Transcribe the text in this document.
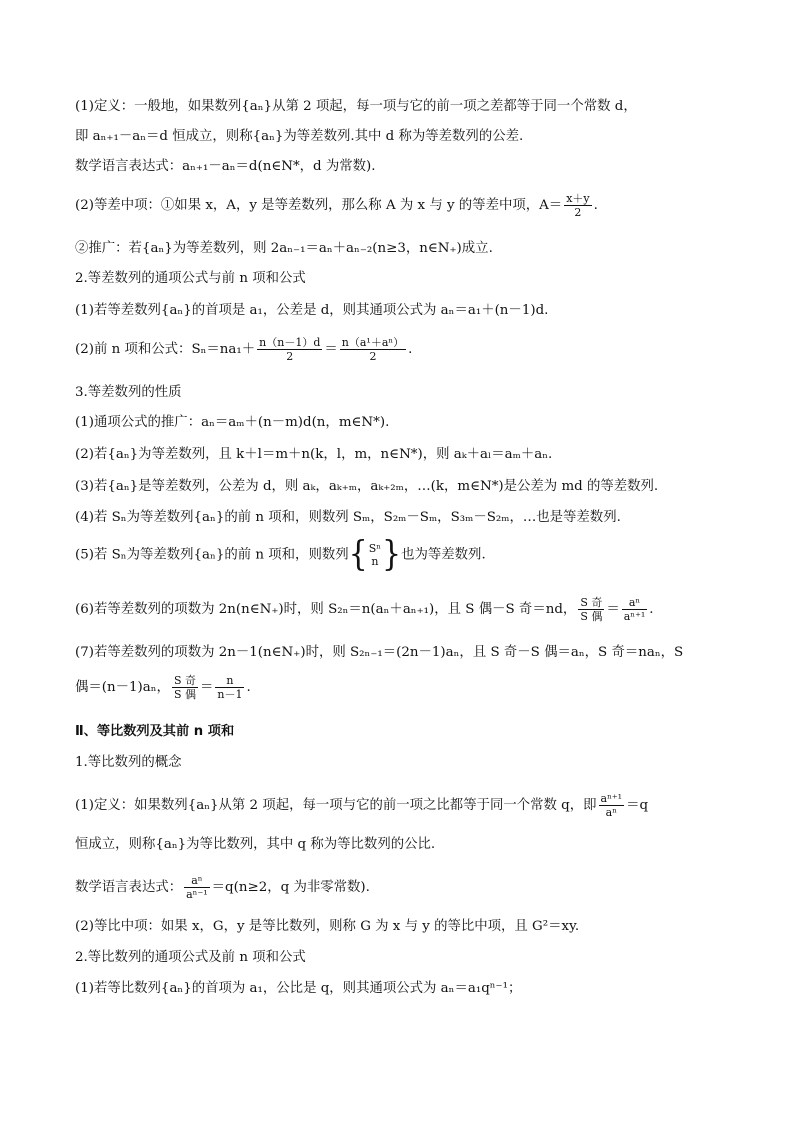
(1)定义：一般地，如果数列{aₙ}从第 2 项起，每一项与它的前一项之差都等于同一个常数 d，
即 aₙ₊₁－aₙ＝d 恒成立，则称{aₙ}为等差数列.其中 d 称为等差数列的公差.
数学语言表达式：aₙ₊₁－aₙ＝d(n∈N*，d 为常数).
(2)等差中项：①如果 x，A，y 是等差数列，那么称 A 为 x 与 y 的等差中项，$A= \frac{x+y}{2}$ .
②推广：若{aₙ}为等差数列，则 2aₙ₋₁＝aₙ＋aₙ₋₂(n≥3，n∈N₊)成立.
2.等差数列的通项公式与前 n 项和公式
(1)若等差数列{aₙ}的首项是 a₁，公差是 d，则其通项公式为 aₙ＝a₁＋(n－1)d.
(2)前 n 项和公式：$S_n=na_1+ \frac{n(n-1)d}{2} = \frac{\text{n（a¹＋aⁿ）}}{2}$ .
3.等差数列的性质
(1)通项公式的推广：aₙ＝aₘ＋(n－m)d(n，m∈N*).
(2)若{aₙ}为等差数列，且 k＋l＝m＋n(k，l，m，n∈N*)，则 aₖ＋aₗ＝aₘ＋aₙ.
(3)若{aₙ}是等差数列，公差为 d，则 aₖ，aₖ₊ₘ，aₖ₊₂ₘ，…(k，m∈N*)是公差为 md 的等差数列.
(4)若 Sₙ为等差数列{aₙ}的前 n 项和，则数列 Sₘ，S₂ₘ－Sₘ，S₃ₘ－S₂ₘ，…也是等差数列.
(5)若 Sₙ为等差数列{aₙ}的前 n 项和，则数列{ Sⁿ
n }也为等差数列.
(6)若等差数列的项数为 2n(n∈N₊)时，则 S₂ₙ＝n(aₙ＋aₙ₊₁)，且 S 偶－S 奇＝nd， $\frac{\text{S 奇}}{\text{S 偶}} = \frac{\text{aⁿ}}{\text{aⁿ⁺¹}}$ .
(7)若等差数列的项数为 2n－1(n∈N₊)时，则 S₂ₙ₋₁＝(2n－1)aₙ，且 S 奇－S 偶＝aₙ，S 奇＝naₙ，S
偶＝(n－1)aₙ， $\frac{\text{S 奇}}{\text{S 偶}} = \frac{n}{n-1}$ .
Ⅱ、等比数列及其前 n 项和
1.等比数列的概念
(1)定义：如果数列{aₙ}从第 2 项起，每一项与它的前一项之比都等于同一个常数 q，即 $\frac{\text{aⁿ⁺¹}}{\text{aⁿ}} =q$
恒成立，则称{aₙ}为等比数列，其中 q 称为等比数列的公比.
数学语言表达式： $\frac{\text{aⁿ}}{\text{aⁿ⁻¹}} =q(n\ge 2$，q 为非零常数).
(2)等比中项：如果 x，G，y 是等比数列，则称 G 为 x 与 y 的等比中项，且 G²＝xy.
2.等比数列的通项公式及前 n 项和公式
(1)若等比数列{aₙ}的首项为 a₁，公比是 q，则其通项公式为 aₙ＝a₁qⁿ⁻¹；
